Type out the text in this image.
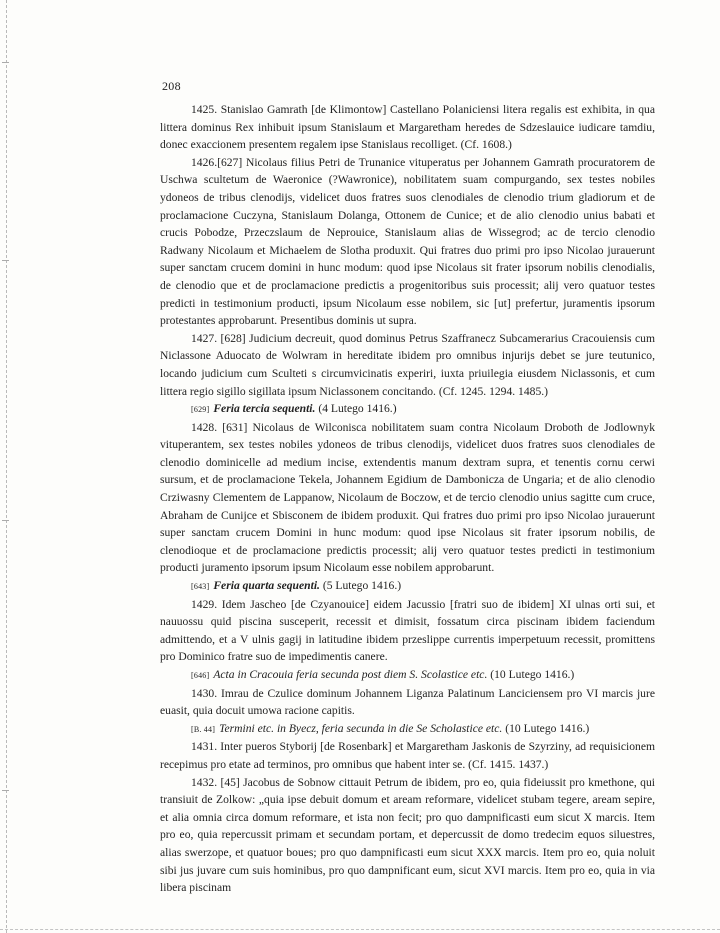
208

1425. Stanislao Gamrath [de Klimontow] Castellano Polaniciensi litera regalis est exhibita, in qua littera dominus Rex inhibuit ipsum Stanislaum et Margaretham heredes de Sdzeslauice iudicare tamdiu, donec exaccionem presentem regalem ipse Stanislaus recolliget. (Cf. 1608.)

1426.[627] Nicolaus filius Petri de Trunanice vituperatus per Johannem Gamrath procuratorem de Uschwa scultetum de Waeronice (?Wawronice), nobilitatem suam compurgando, sex testes nobiles ydoneos de tribus clenodijs, videlicet duos fratres suos clenodiales de clenodio trium gladiorum et de proclamacione Cuczyna, Stanislaum Dolanga, Ottonem de Cunice; et de alio clenodio unius babati et crucis Pobodze, Przeczslaum de Neprouice, Stanislaum alias de Wissegrod; ac de tercio clenodio Radwany Nicolaum et Michaelem de Slotha produxit. Qui fratres duo primi pro ipso Nicolao jurauerunt super sanctam crucem domini in hunc modum: quod ipse Nicolaus sit frater ipsorum nobilis clenodialis, de clenodio que et de proclamacione predictis a progenitoribus suis processit; alij vero quatuor testes predicti in testimonium producti, ipsum Nicolaum esse nobilem, sic [ut] prefertur, juramentis ipsorum protestantes approbarunt. Presentibus dominis ut supra.

1427. [628] Judicium decreuit, quod dominus Petrus Szaffranecz Subcamerarius Cracouiensis cum Niclassone Aduocato de Wolwram in hereditate ibidem pro omnibus injurijs debet se jure teutunico, locando judicium cum Sculteti s circumvicinatis experiri, iuxta priuilegia eiusdem Niclassonis, et cum littera regio sigillo sigillata ipsum Niclassonem concitando. (Cf. 1245. 1294. 1485.)

[629] Feria tercia sequenti. (4 Lutego 1416.)

1428. [631] Nicolaus de Wilconisca nobilitatem suam contra Nicolaum Droboth de Jodlownyk vituperantem, sex testes nobiles ydoneos de tribus clenodijs, videlicet duos fratres suos clenodiales de clenodio dominicelle ad medium incise, extendentis manum dextram supra, et tenentis cornu cerwi sursum, et de proclamacione Tekela, Johannem Egidium de Dambonicza de Ungaria; et de alio clenodio Crziwasny Clementem de Lappanow, Nicolaum de Boczow, et de tercio clenodio unius sagitte cum cruce, Abraham de Cunijce et Sbisconem de ibidem produxit. Qui fratres duo primi pro ipso Nicolao jurauerunt super sanctam crucem Domini in hunc modum: quod ipse Nicolaus sit frater ipsorum nobilis, de clenodioque et de proclamacione predictis processit; alij vero quatuor testes predicti in testimonium producti juramento ipsorum ipsum Nicolaum esse nobilem approbarunt.

[643] Feria quarta sequenti. (5 Lutego 1416.)

1429. Idem Jascheo [de Czyanouice] eidem Jacussio [fratri suo de ibidem] XI ulnas orti sui, et nauuossu quid piscina susceperit, recessit et dimisit, fossatum circa piscinam ibidem faciendum admittendo, et a V ulnis gagij in latitudine ibidem przeslippe currentis imperpetuum recessit, promittens pro Dominico fratre suo de impedimentis canere.

[646] Acta in Cracouia feria secunda post diem S. Scolastice etc. (10 Lutego 1416.)

1430. Imrau de Czulice dominum Johannem Liganza Palatinum Lanciciensem pro VI marcis jure euasit, quia docuit umowa racione capitis.

[B. 44] Termini etc. in Byecz, feria secunda in die Se Scholastice etc. (10 Lutego 1416.)

1431. Inter pueros Styborij [de Rosenbark] et Margaretham Jaskonis de Szyrziny, ad requisicionem recepimus pro etate ad terminos, pro omnibus que habent inter se. (Cf. 1415. 1437.)

1432. [45] Jacobus de Sobnow cittauit Petrum de ibidem, pro eo, quia fideiussit pro kmethone, qui transiuit de Zolkow: „quia ipse debuit domum et aream reformare, videlicet stubam tegere, aream sepire, et alia omnia circa domum reformare, et ista non fecit; pro quo dampnificasti eum sicut X marcis. Item pro eo, quia repercussit primam et secundam portam, et depercussit de domo tredecim equos siluestres, alias swerzope, et quatuor boues; pro quo dampnificasti eum sicut XXX marcis. Item pro eo, quia noluit sibi jus juvare cum suis hominibus, pro quo dampnificant eum, sicut XVI marcis. Item pro eo, quia in via libera piscinam
